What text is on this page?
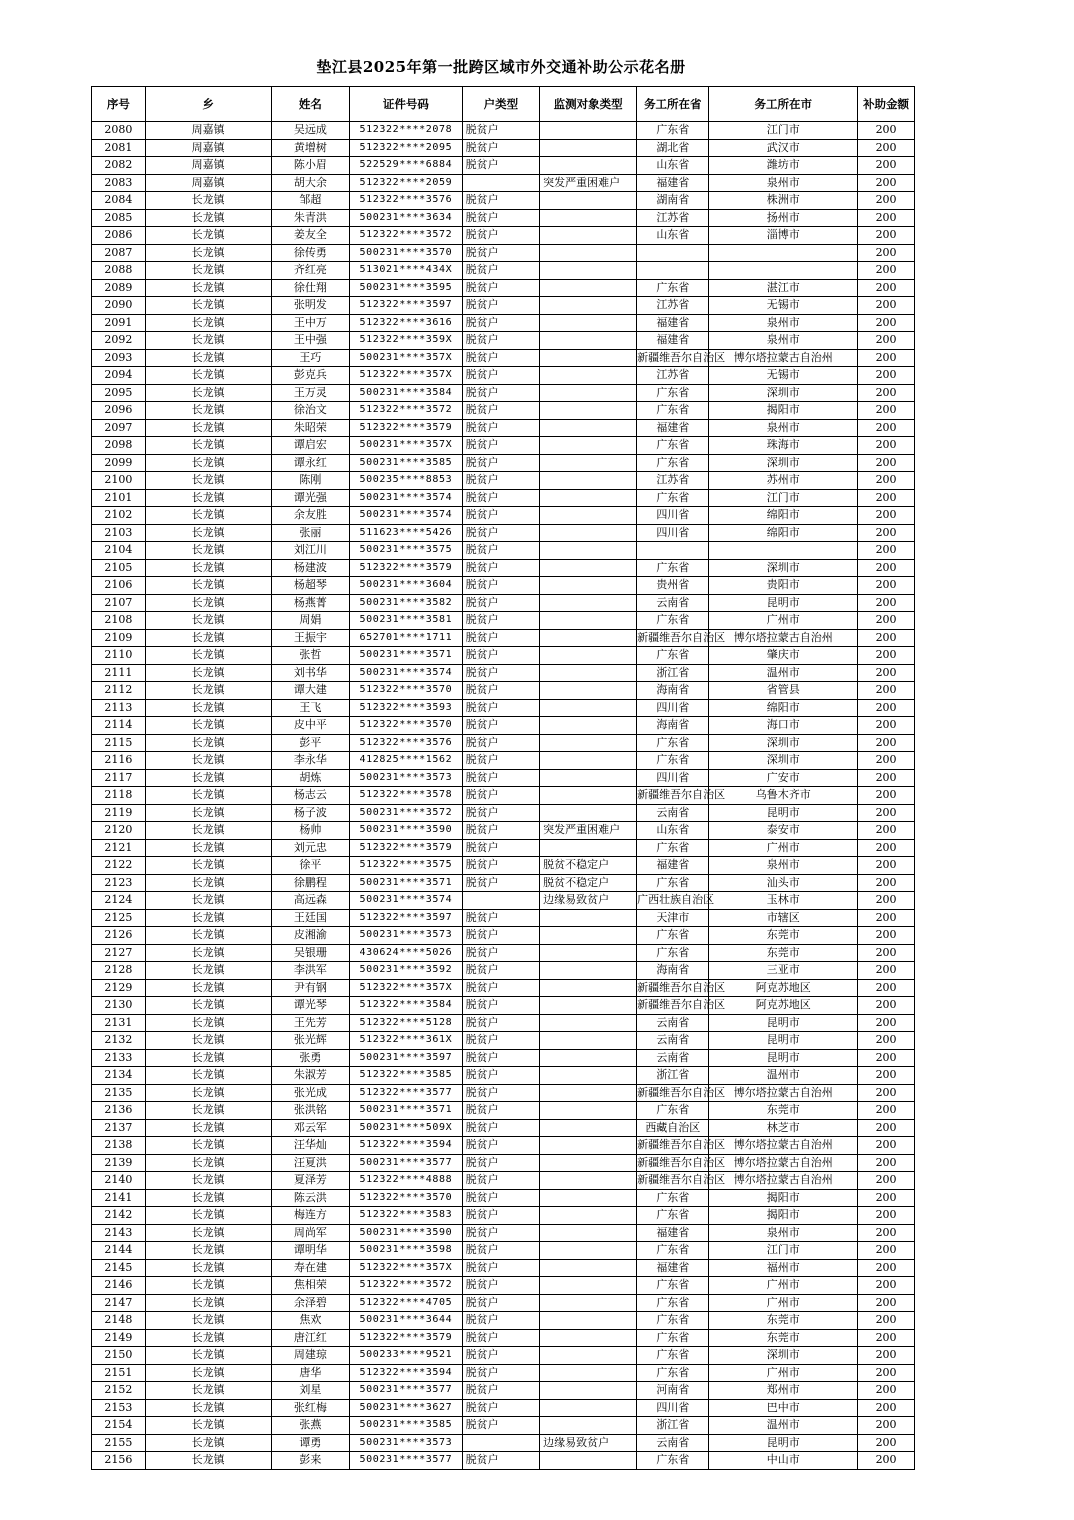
垫江县2025年第一批跨区域市外交通补助公示花名册
序号	乡	姓名	证件号码	户类型	监测对象类型	务工所在省	务工所在市	补助金额
2080	周嘉镇	吴远成	512322****2078	脱贫户		广东省	江门市	200
2081	周嘉镇	黄增树	512322****2095	脱贫户		湖北省	武汉市	200
2082	周嘉镇	陈小眉	522529****6884	脱贫户		山东省	潍坊市	200
2083	周嘉镇	胡大余	512322****2059		突发严重困难户	福建省	泉州市	200
2084	长龙镇	邹超	512322****3576	脱贫户		湖南省	株洲市	200
2085	长龙镇	朱青洪	500231****3634	脱贫户		江苏省	扬州市	200
2086	长龙镇	姜友全	512322****3572	脱贫户		山东省	淄博市	200
2087	长龙镇	徐传勇	500231****3570	脱贫户				200
2088	长龙镇	齐红亮	513021****434X	脱贫户				200
2089	长龙镇	徐仕翔	500231****3595	脱贫户		广东省	湛江市	200
2090	长龙镇	张明发	512322****3597	脱贫户		江苏省	无锡市	200
2091	长龙镇	王中万	512322****3616	脱贫户		福建省	泉州市	200
2092	长龙镇	王中强	512322****359X	脱贫户		福建省	泉州市	200
2093	长龙镇	王巧	500231****357X	脱贫户		新疆维吾尔自治区	博尔塔拉蒙古自治州	200
2094	长龙镇	彭克兵	512322****357X	脱贫户		江苏省	无锡市	200
2095	长龙镇	王万灵	500231****3584	脱贫户		广东省	深圳市	200
2096	长龙镇	徐治文	512322****3572	脱贫户		广东省	揭阳市	200
2097	长龙镇	朱昭荣	512322****3579	脱贫户		福建省	泉州市	200
2098	长龙镇	谭启宏	500231****357X	脱贫户		广东省	珠海市	200
2099	长龙镇	谭永红	500231****3585	脱贫户		广东省	深圳市	200
2100	长龙镇	陈刚	500235****8853	脱贫户		江苏省	苏州市	200
2101	长龙镇	谭光强	500231****3574	脱贫户		广东省	江门市	200
2102	长龙镇	余友胜	500231****3574	脱贫户		四川省	绵阳市	200
2103	长龙镇	张丽	511623****5426	脱贫户		四川省	绵阳市	200
2104	长龙镇	刘江川	500231****3575	脱贫户				200
2105	长龙镇	杨建波	512322****3579	脱贫户		广东省	深圳市	200
2106	长龙镇	杨超琴	500231****3604	脱贫户		贵州省	贵阳市	200
2107	长龙镇	杨燕菁	500231****3582	脱贫户		云南省	昆明市	200
2108	长龙镇	周娟	500231****3581	脱贫户		广东省	广州市	200
2109	长龙镇	王振宇	652701****1711	脱贫户		新疆维吾尔自治区	博尔塔拉蒙古自治州	200
2110	长龙镇	张哲	500231****3571	脱贫户		广东省	肇庆市	200
2111	长龙镇	刘书华	500231****3574	脱贫户		浙江省	温州市	200
2112	长龙镇	谭大建	512322****3570	脱贫户		海南省	省管县	200
2113	长龙镇	王飞	512322****3593	脱贫户		四川省	绵阳市	200
2114	长龙镇	皮中平	512322****3570	脱贫户		海南省	海口市	200
2115	长龙镇	彭平	512322****3576	脱贫户		广东省	深圳市	200
2116	长龙镇	李永华	412825****1562	脱贫户		广东省	深圳市	200
2117	长龙镇	胡炼	500231****3573	脱贫户		四川省	广安市	200
2118	长龙镇	杨志云	512322****3578	脱贫户		新疆维吾尔自治区	乌鲁木齐市	200
2119	长龙镇	杨子波	500231****3572	脱贫户		云南省	昆明市	200
2120	长龙镇	杨帅	500231****3590	脱贫户	突发严重困难户	山东省	泰安市	200
2121	长龙镇	刘元忠	512322****3579	脱贫户		广东省	广州市	200
2122	长龙镇	徐平	512322****3575	脱贫户	脱贫不稳定户	福建省	泉州市	200
2123	长龙镇	徐鹏程	500231****3571	脱贫户	脱贫不稳定户	广东省	汕头市	200
2124	长龙镇	高远森	500231****3574		边缘易致贫户	广西壮族自治区	玉林市	200
2125	长龙镇	王廷国	512322****3597	脱贫户		天津市	市辖区	200
2126	长龙镇	皮湘渝	500231****3573	脱贫户		广东省	东莞市	200
2127	长龙镇	吴银珊	430624****5026	脱贫户		广东省	东莞市	200
2128	长龙镇	李洪军	500231****3592	脱贫户		海南省	三亚市	200
2129	长龙镇	尹有钢	512322****357X	脱贫户		新疆维吾尔自治区	阿克苏地区	200
2130	长龙镇	谭光琴	512322****3584	脱贫户		新疆维吾尔自治区	阿克苏地区	200
2131	长龙镇	王先芳	512322****5128	脱贫户		云南省	昆明市	200
2132	长龙镇	张光辉	512322****361X	脱贫户		云南省	昆明市	200
2133	长龙镇	张勇	500231****3597	脱贫户		云南省	昆明市	200
2134	长龙镇	朱淑芳	512322****3585	脱贫户		浙江省	温州市	200
2135	长龙镇	张光成	512322****3577	脱贫户		新疆维吾尔自治区	博尔塔拉蒙古自治州	200
2136	长龙镇	张洪铭	500231****3571	脱贫户		广东省	东莞市	200
2137	长龙镇	邓云军	500231****509X	脱贫户		西藏自治区	林芝市	200
2138	长龙镇	汪华灿	512322****3594	脱贫户		新疆维吾尔自治区	博尔塔拉蒙古自治州	200
2139	长龙镇	汪夏洪	500231****3577	脱贫户		新疆维吾尔自治区	博尔塔拉蒙古自治州	200
2140	长龙镇	夏泽芳	512322****4888	脱贫户		新疆维吾尔自治区	博尔塔拉蒙古自治州	200
2141	长龙镇	陈云洪	512322****3570	脱贫户		广东省	揭阳市	200
2142	长龙镇	梅连方	512322****3583	脱贫户		广东省	揭阳市	200
2143	长龙镇	周尚军	500231****3590	脱贫户		福建省	泉州市	200
2144	长龙镇	谭明华	500231****3598	脱贫户		广东省	江门市	200
2145	长龙镇	寿在建	512322****357X	脱贫户		福建省	福州市	200
2146	长龙镇	焦相荣	512322****3572	脱贫户		广东省	广州市	200
2147	长龙镇	余泽碧	512322****4705	脱贫户		广东省	广州市	200
2148	长龙镇	焦欢	500231****3644	脱贫户		广东省	东莞市	200
2149	长龙镇	唐江红	512322****3579	脱贫户		广东省	东莞市	200
2150	长龙镇	周建琼	500233****9521	脱贫户		广东省	深圳市	200
2151	长龙镇	唐华	512322****3594	脱贫户		广东省	广州市	200
2152	长龙镇	刘星	500231****3577	脱贫户		河南省	郑州市	200
2153	长龙镇	张红梅	500231****3627	脱贫户		四川省	巴中市	200
2154	长龙镇	张燕	500231****3585	脱贫户		浙江省	温州市	200
2155	长龙镇	谭勇	500231****3573		边缘易致贫户	云南省	昆明市	200
2156	长龙镇	彭来	500231****3577	脱贫户		广东省	中山市	200
